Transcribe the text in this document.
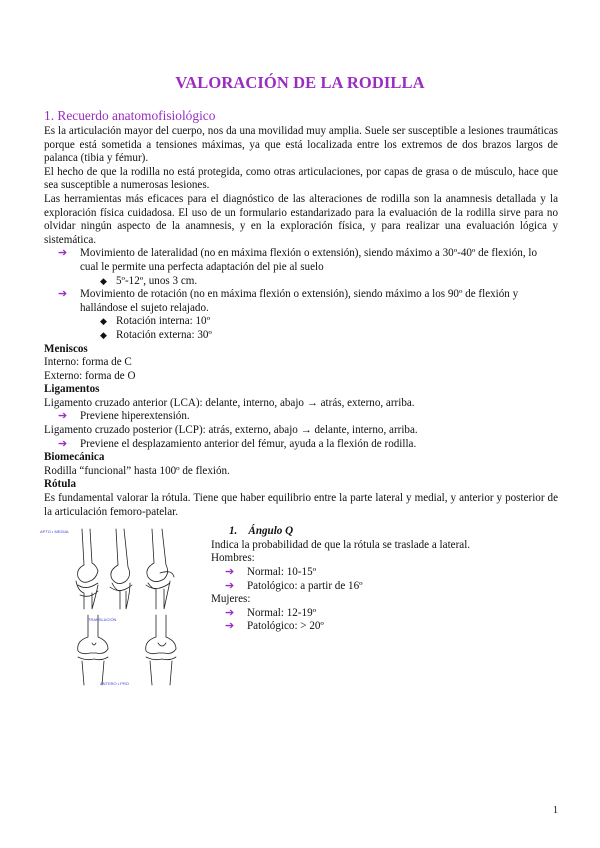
VALORACIÓN DE LA RODILLA
1. Recuerdo anatomofisiológico

Es la articulación mayor del cuerpo, nos da una movilidad muy amplia. Suele ser susceptible a lesiones traumáticas porque está sometida a tensiones máximas, ya que está localizada entre los extremos de dos brazos largos de palanca (tibia y fémur).

El hecho de que la rodilla no está protegida, como otras articulaciones, por capas de grasa o de músculo, hace que sea susceptible a numerosas lesiones.

Las herramientas más eficaces para el diagnóstico de las alteraciones de rodilla son la anamnesis detallada y la exploración física cuidadosa. El uso de un formulario estandarizado para la evaluación de la rodilla sirve para no olvidar ningún aspecto de la anamnesis, y en la exploración física, y para realizar una evaluación lógica y sistemática.

➔ Movimiento de lateralidad (no en máxima flexión o extensión), siendo máximo a 30º-40º de flexión, lo cual le permite una perfecta adaptación del pie al suelo
◆ 5º-12º, unos 3 cm.
➔ Movimiento de rotación (no en máxima flexión o extensión), siendo máximo a los 90º de flexión y hallándose el sujeto relajado.
◆ Rotación interna: 10º
◆ Rotación externa: 30º
Meniscos
Interno: forma de C
Externo: forma de O
Ligamentos
Ligamento cruzado anterior (LCA): delante, interno, abajo → atrás, externo, arriba.
➔ Previene hiperextensión.
Ligamento cruzado posterior (LCP): atrás, externo, abajo → delante, interno, arriba.
➔ Previene el desplazamiento anterior del fémur, ayuda a la flexión de rodilla.
Biomecánica
Rodilla “funcional” hasta 100º de flexión.
Rótula

Es fundamental valorar la rótula. Tiene que haber equilibrio entre la parte lateral y medial, y anterior y posterior de la articulación femoro-patelar.

APTO • MEDIAL
TRANSLACIÓN
ANTERO • PRO
1. Ángulo Q
Indica la probabilidad de que la rótula se traslade a lateral.
Hombres:
➔ Normal: 10-15º
➔ Patológico: a partir de 16º
Mujeres:
➔ Normal: 12-19º
➔ Patológico: > 20º
1
